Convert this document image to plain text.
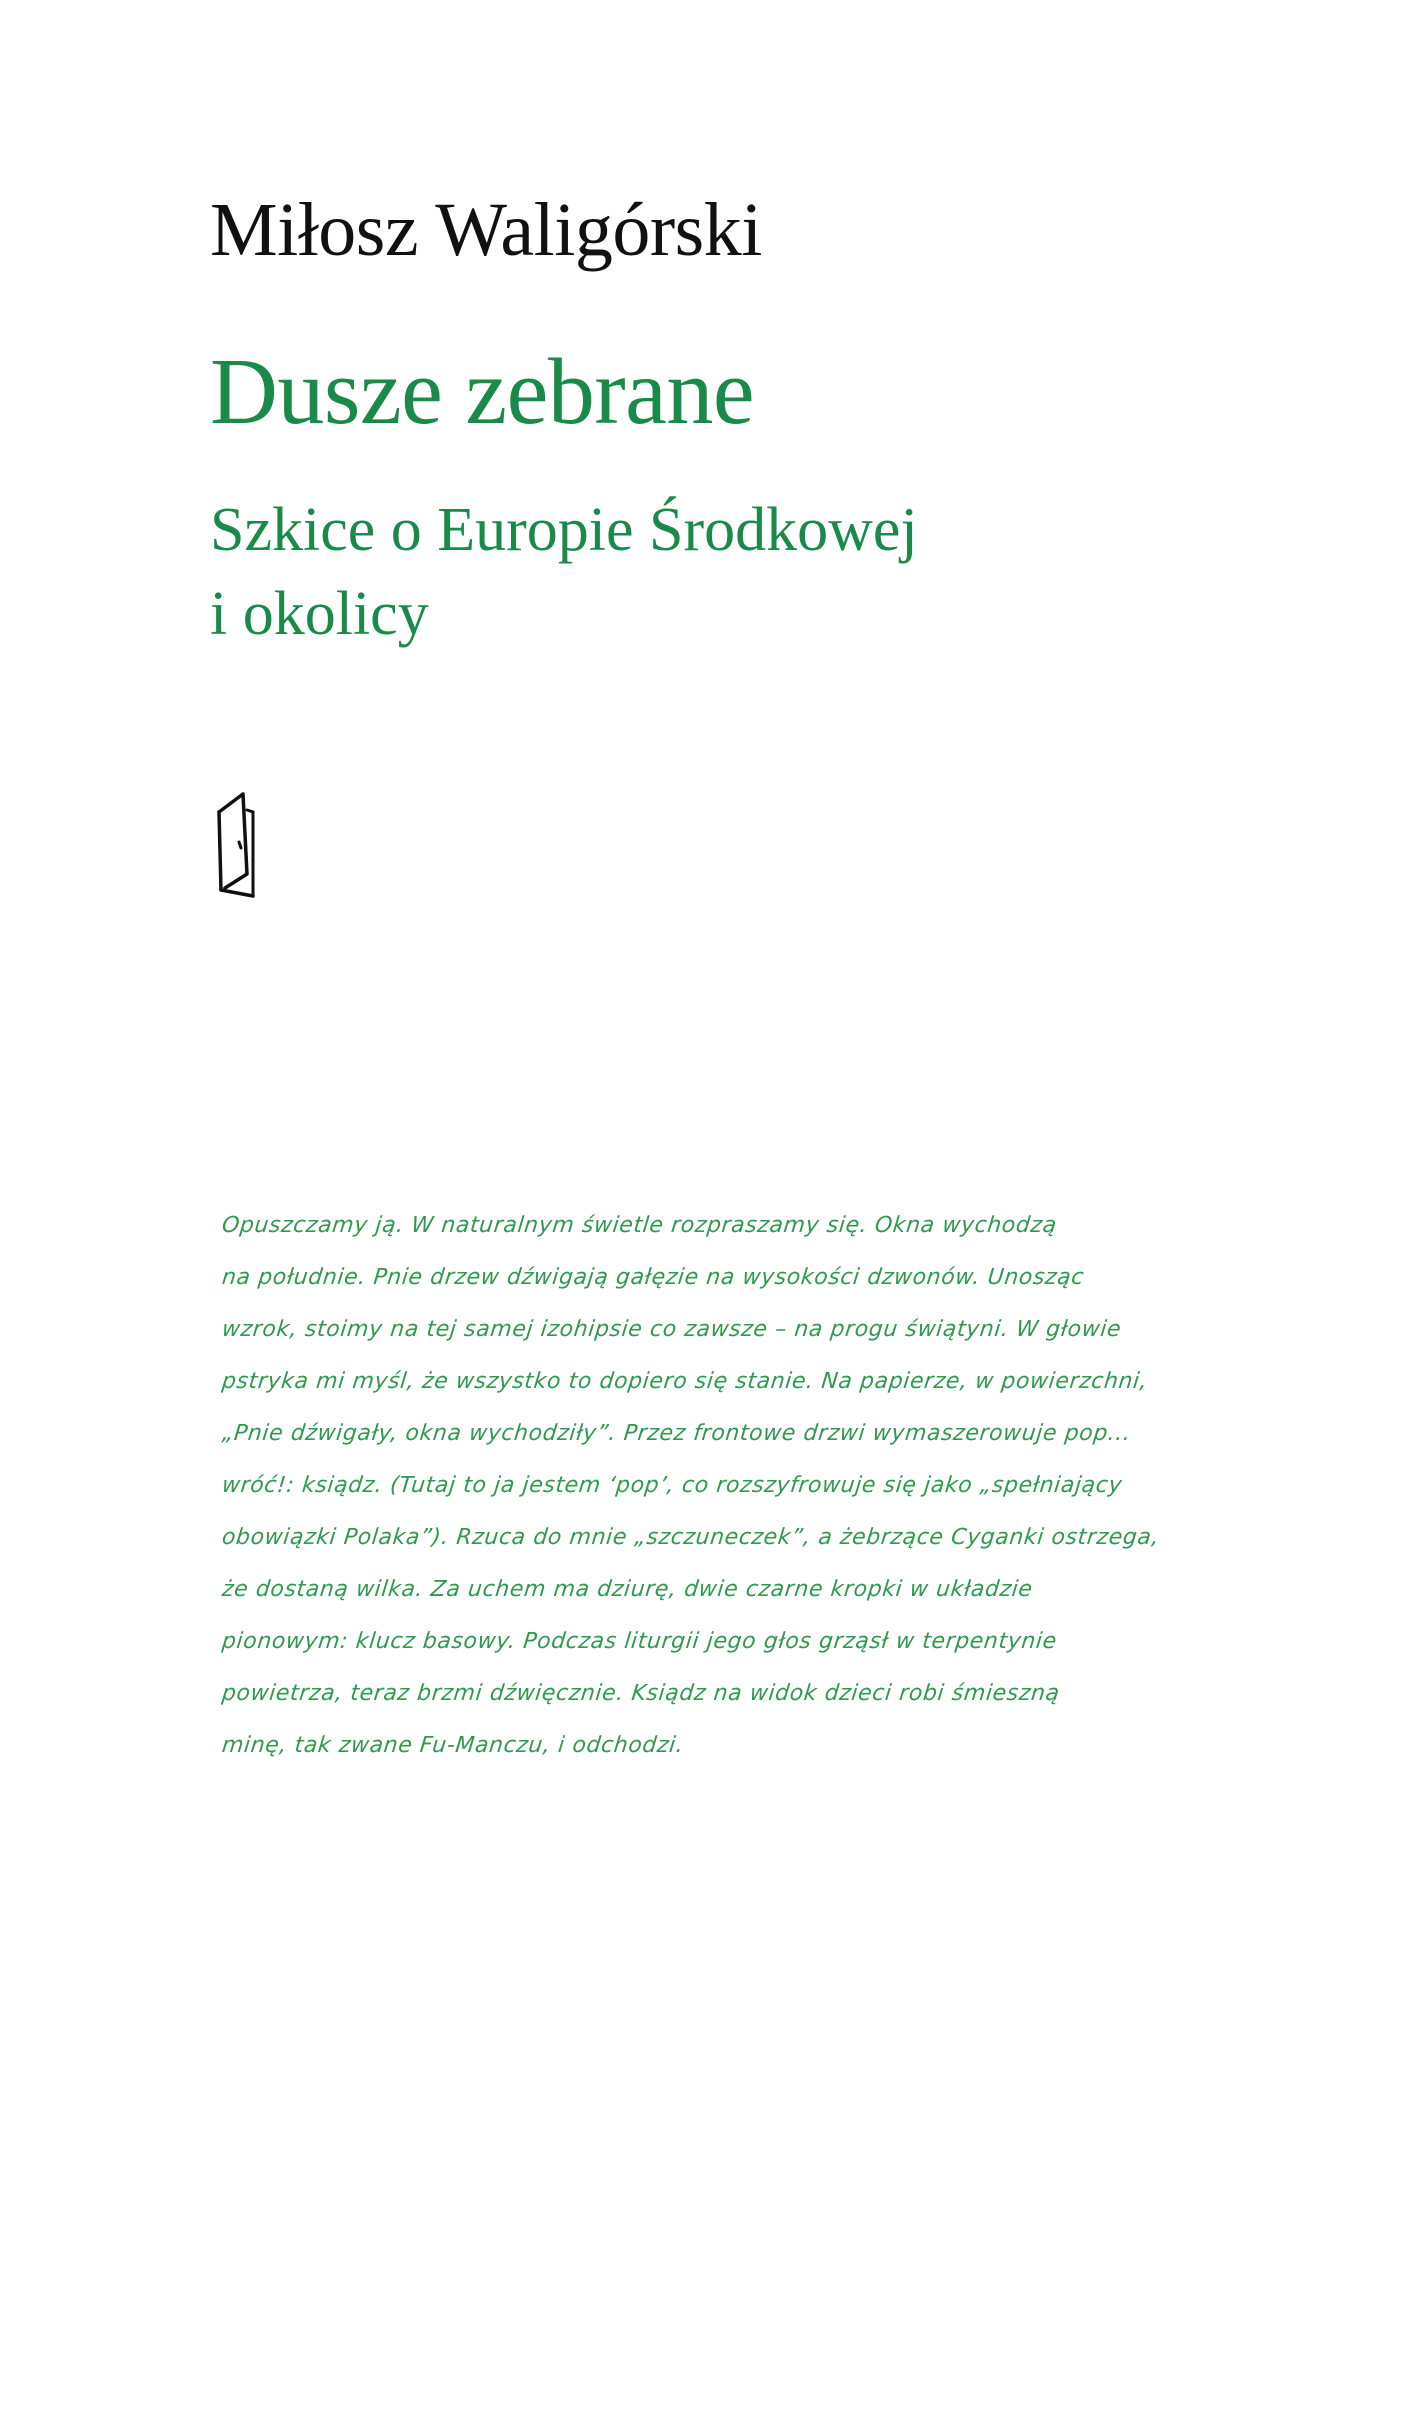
Miłosz Waligórski
Dusze zebrane
Szkice o Europie Środkowej
i okolicy
Opuszczamy ją. W naturalnym świetle rozpraszamy się. Okna wychodzą
na południe. Pnie drzew dźwigają gałęzie na wysokości dzwonów. Unosząc
wzrok, stoimy na tej samej izohipsie co zawsze – na progu świątyni. W głowie
pstryka mi myśl, że wszystko to dopiero się stanie. Na papierze, w powierzchni,
„Pnie dźwigały, okna wychodziły”. Przez frontowe drzwi wymaszerowuje pop...
wróć!: ksiądz. (Tutaj to ja jestem ‘pop’, co rozszyfrowuje się jako „spełniający
obowiązki Polaka”). Rzuca do mnie „szczuneczek”, a żebrzące Cyganki ostrzega,
że dostaną wilka. Za uchem ma dziurę, dwie czarne kropki w układzie
pionowym: klucz basowy. Podczas liturgii jego głos grząsł w terpentynie
powietrza, teraz brzmi dźwięcznie. Ksiądz na widok dzieci robi śmieszną
minę, tak zwane Fu-Manczu, i odchodzi.
